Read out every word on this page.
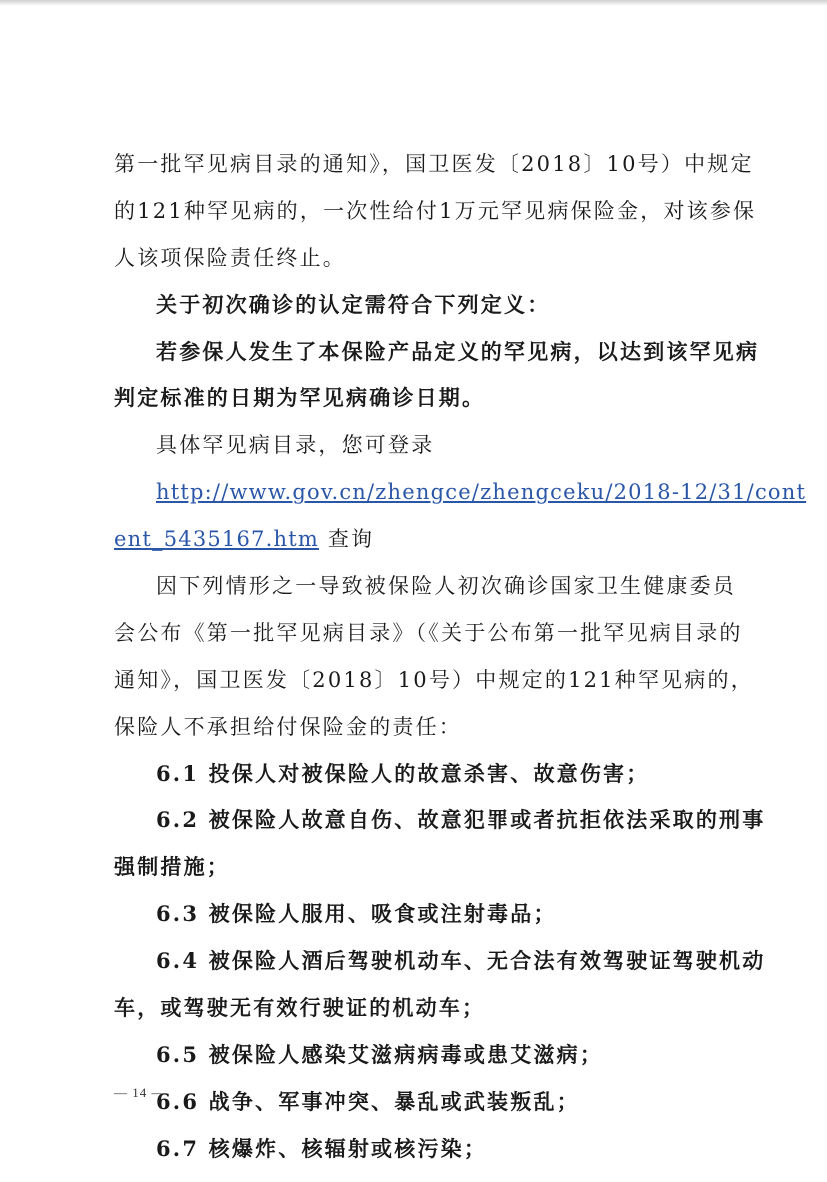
第一批罕见病目录的通知》，国卫医发〔2018〕10号）中规定
的121种罕见病的，一次性给付1万元罕见病保险金，对该参保
人该项保险责任终止。
关于初次确诊的认定需符合下列定义：
若参保人发生了本保险产品定义的罕见病，以达到该罕见病
判定标准的日期为罕见病确诊日期。
具体罕见病目录，您可登录
http://www.gov.cn/zhengce/zhengceku/2018-12/31/cont
ent_5435167.htm 查询
因下列情形之一导致被保险人初次确诊国家卫生健康委员
会公布《第一批罕见病目录》（《关于公布第一批罕见病目录的
通知》，国卫医发〔2018〕10号）中规定的121种罕见病的，
保险人不承担给付保险金的责任：
6.1 投保人对被保险人的故意杀害、故意伤害；
6.2 被保险人故意自伤、故意犯罪或者抗拒依法采取的刑事
强制措施；
6.3 被保险人服用、吸食或注射毒品；
6.4 被保险人酒后驾驶机动车、无合法有效驾驶证驾驶机动
车，或驾驶无有效行驶证的机动车；
6.5 被保险人感染艾滋病病毒或患艾滋病；
6.6 战争、军事冲突、暴乱或武装叛乱；
6.7 核爆炸、核辐射或核污染；
— 14 —
